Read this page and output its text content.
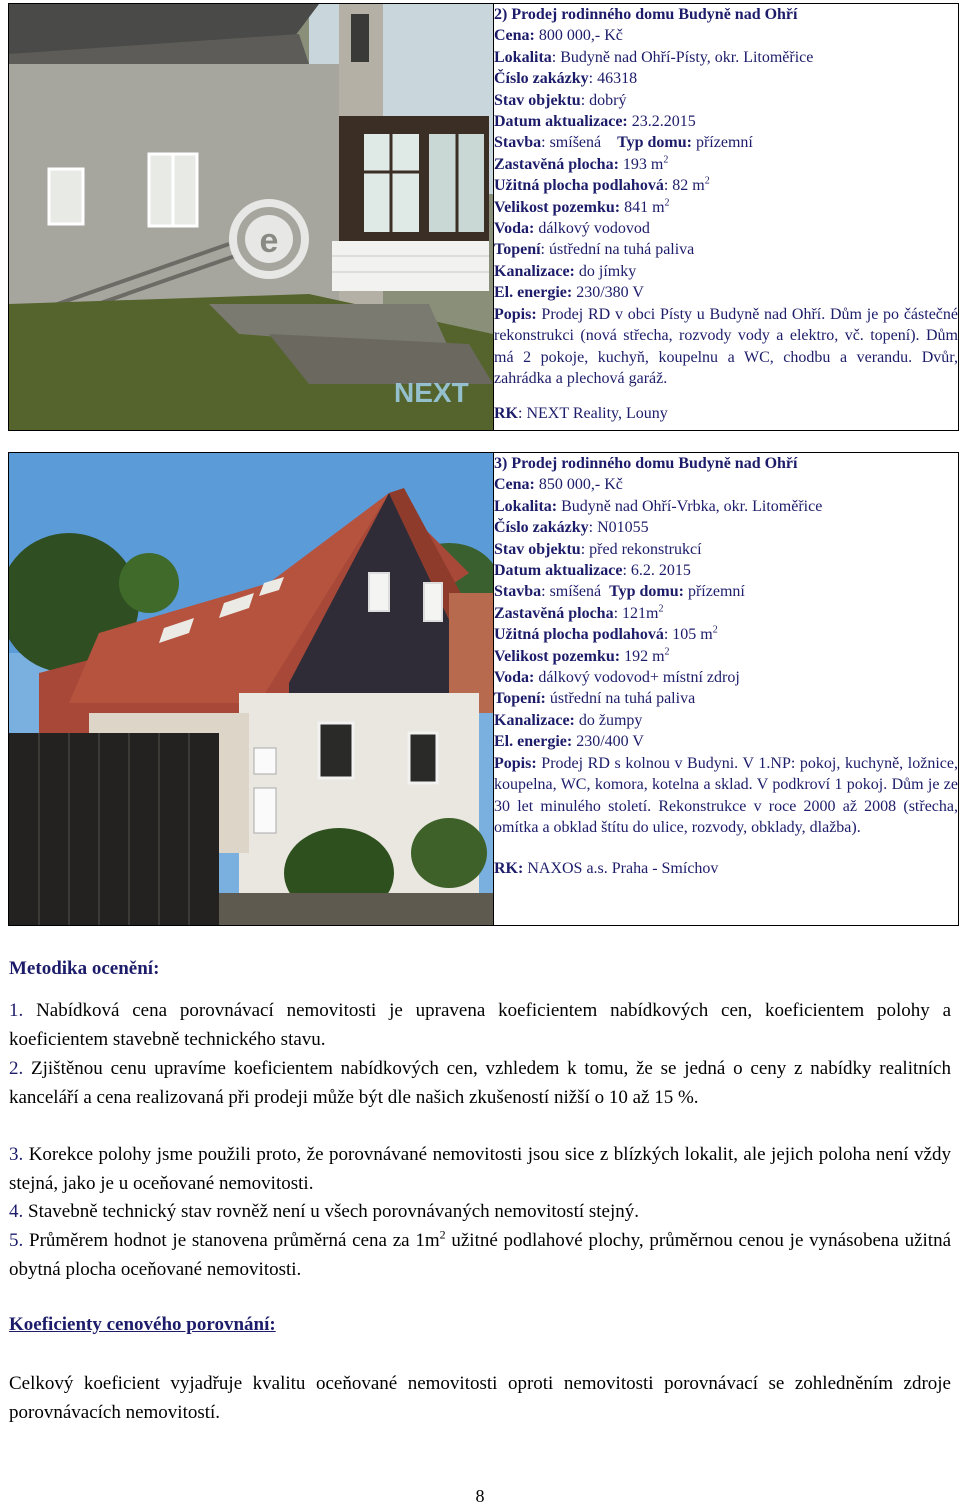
e
NEXT

2) Prodej rodinného domu Budyně nad Ohří
Cena: 800 000,- Kč
Lokalita: Budyně nad Ohří-Písty, okr. Litoměřice
Číslo zakázky: 46318
Stav objektu: dobrý
Datum aktualizace: 23.2.2015
Stavba: smíšená Typ domu: přízemní
Zastavěná plocha: 193 $m^2$
Užitná plocha podlahová: 82 $m^2$
Velikost pozemku: 841 $m^2$
Voda: dálkový vodovod
Topení: ústřední na tuhá paliva
Kanalizace: do jímky
El. energie: 230/380 V
Popis: Prodej RD v obci Písty u Budyně nad Ohří. Dům je po částečné rekonstrukci (nová střecha, rozvody vody a elektro, vč. topení). Dům má 2 pokoje, kuchyň, koupelnu a WC, chodbu a verandu. Dvůr, zahrádka a plechová garáž.
RK: NEXT Reality, Louny

3) Prodej rodinného domu Budyně nad Ohří
Cena: 850 000,- Kč
Lokalita: Budyně nad Ohří-Vrbka, okr. Litoměřice
Číslo zakázky: N01055
Stav objektu: před rekonstrukcí
Datum aktualizace: 6.2. 2015
Stavba: smíšená Typ domu: přízemní
Zastavěná plocha: $121m^2$
Užitná plocha podlahová: 105 $m^2$
Velikost pozemku: 192 $m^2$
Voda: dálkový vodovod+ místní zdroj
Topení: ústřední na tuhá paliva
Kanalizace: do žumpy
El. energie: 230/400 V
Popis: Prodej RD s kolnou v Budyni. V 1.NP: pokoj, kuchyně, ložnice, koupelna, WC, komora, kotelna a sklad. V podkroví 1 pokoj. Dům je ze 30 let minulého století. Rekonstrukce v roce 2000 až 2008 (střecha, omítka a obklad štítu do ulice, rozvody, obklady, dlažba).
RK: NAXOS a.s. Praha - Smíchov
Metodika ocenění:
1. Nabídková cena porovnávací nemovitosti je upravena koeficientem nabídkových cen, koeficientem polohy a koeficientem stavebně technického stavu.
2. Zjištěnou cenu upravíme koeficientem nabídkových cen, vzhledem k tomu, že se jedná o ceny z nabídky realitních kanceláří a cena realizovaná při prodeji může být dle našich zkušeností nižší o 10 až 15 %.
3. Korekce polohy jsme použili proto, že porovnávané nemovitosti jsou sice z blízkých lokalit, ale jejich poloha není vždy stejná, jako je u oceňované nemovitosti.
4. Stavebně technický stav rovněž není u všech porovnávaných nemovitostí stejný.
5. Průměrem hodnot je stanovena průměrná cena za $1m^2$ užitné podlahové plochy, průměrnou cenou je vynásobena užitná obytná plocha oceňované nemovitosti.
Koeficienty cenového porovnání:
Celkový koeficient vyjadřuje kvalitu oceňované nemovitosti oproti nemovitosti porovnávací se zohledněním zdroje porovnávacích nemovitostí.
8
